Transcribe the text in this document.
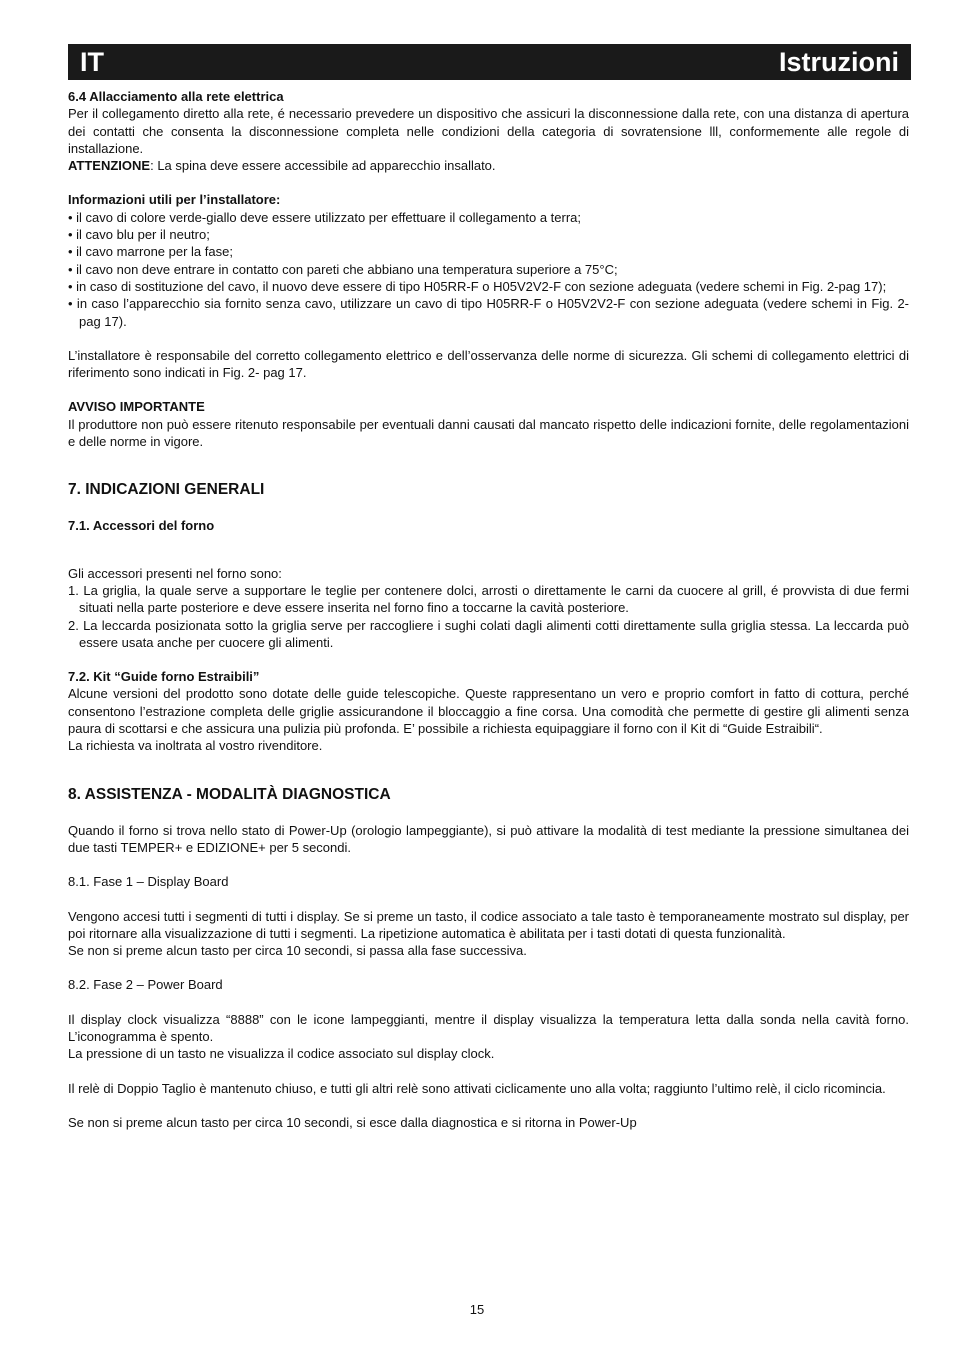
IT	Istruzioni

6.4 Allacciamento alla rete elettrica

Per il collegamento diretto alla rete, é necessario prevedere un dispositivo che assicuri la disconnessione dalla rete, con una distanza di apertura dei contatti che consenta la disconnessione completa nelle condizioni della categoria di sovratensione lll, conformemente alle regole di installazione.

ATTENZIONE: La spina deve essere accessibile ad apparecchio insallato.

Informazioni utili per l’installatore:

• il cavo di colore verde-giallo deve essere utilizzato per effettuare il collegamento a terra;

• il cavo blu per il neutro;

• il cavo marrone per la fase;

• il cavo non deve entrare in contatto con pareti che abbiano una temperatura superiore a 75°C;

• in caso di sostituzione del cavo, il nuovo deve essere di tipo H05RR-F o H05V2V2-F con sezione adeguata (vedere schemi in Fig. 2-pag 17);

• in caso l’apparecchio sia fornito senza cavo, utilizzare un cavo di tipo H05RR-F o H05V2V2-F con sezione adeguata (vedere schemi in Fig. 2-pag 17).

L’installatore è responsabile del corretto collegamento elettrico e dell’osservanza delle norme di sicurezza. Gli schemi di collegamento elettrici di riferimento sono indicati in Fig. 2- pag 17.

AVVISO IMPORTANTE

Il produttore non può essere ritenuto responsabile per eventuali danni causati dal mancato rispetto delle indicazioni fornite, delle regolamentazioni e delle norme in vigore.

7. INDICAZIONI GENERALI

7.1. Accessori del forno

Gli accessori presenti nel forno sono:

1. La griglia, la quale serve a supportare le teglie per contenere dolci, arrosti o direttamente le carni da cuocere al grill, é provvista di due fermi situati nella parte posteriore e deve essere inserita nel forno fino a toccarne la cavità posteriore.

2. La leccarda posizionata sotto la griglia serve per raccogliere i sughi colati dagli alimenti cotti direttamente sulla griglia stessa. La leccarda può essere usata anche per cuocere gli alimenti.

7.2. Kit “Guide forno Estraibili”

Alcune versioni del prodotto sono dotate delle guide telescopiche. Queste rappresentano un vero e proprio comfort in fatto di cottura, perché consentono l’estrazione completa delle griglie assicurandone il bloccaggio a fine corsa. Una comodità che permette di gestire gli alimenti senza paura di scottarsi e che assicura una pulizia più profonda. E’ possibile a richiesta equipaggiare il forno con il Kit di “Guide Estraibili“.

La richiesta va inoltrata al vostro rivenditore.

8. ASSISTENZA - MODALITÀ DIAGNOSTICA

Quando il forno si trova nello stato di Power-Up (orologio lampeggiante), si può attivare la modalità di test mediante la pressione simultanea dei due tasti TEMPER+ e EDIZIONE+ per 5 secondi.

8.1. Fase 1 – Display Board

Vengono accesi tutti i segmenti di tutti i display. Se si preme un tasto, il codice associato a tale tasto è temporaneamente mostrato sul display, per poi ritornare alla visualizzazione di tutti i segmenti. La ripetizione automatica è abilitata per i tasti dotati di questa funzionalità.

Se non si preme alcun tasto per circa 10 secondi, si passa alla fase successiva.

8.2. Fase 2 – Power Board

Il display clock visualizza “8888” con le icone lampeggianti, mentre il display visualizza la temperatura letta dalla sonda nella cavità forno. L’iconogramma è spento.

La pressione di un tasto ne visualizza il codice associato sul display clock.

Il relè di Doppio Taglio è mantenuto chiuso, e tutti gli altri relè sono attivati ciclicamente uno alla volta; raggiunto l’ultimo relè, il ciclo ricomincia.

Se non si preme alcun tasto per circa 10 secondi, si esce dalla diagnostica e si ritorna in Power-Up

15
